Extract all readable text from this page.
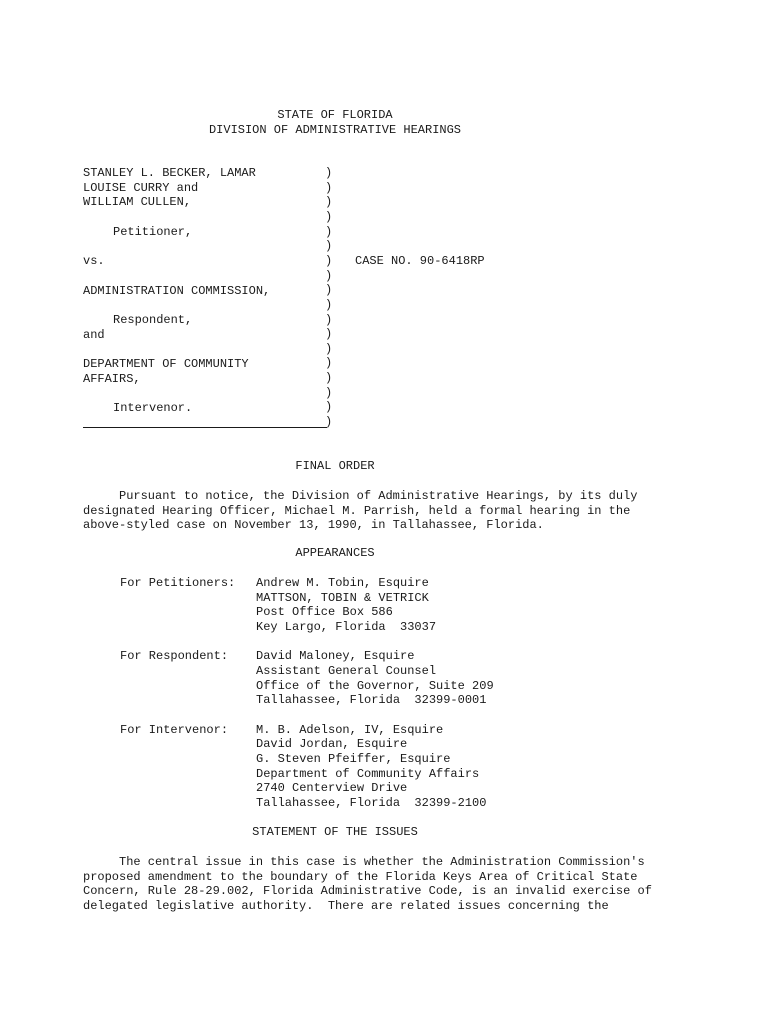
STATE OF FLORIDA
DIVISION OF ADMINISTRATIVE HEARINGS
STANLEY L. BECKER, LAMAR
LOUISE CURRY and
WILLIAM CULLEN,
Petitioner,
vs.
ADMINISTRATION COMMISSION,
Respondent,
and
DEPARTMENT OF COMMUNITY
AFFAIRS,
Intervenor.
)
)
)
)
)
)
)
)
)
)
)
)
)
)
)
)
)
)
CASE NO. 90-6418RP
FINAL ORDER
Pursuant to notice, the Division of Administrative Hearings, by its duly
designated Hearing Officer, Michael M. Parrish, held a formal hearing in the
above-styled case on November 13, 1990, in Tallahassee, Florida.
APPEARANCES
For Petitioners: Andrew M. Tobin, Esquire
MATTSON, TOBIN & VETRICK
Post Office Box 586
Key Largo, Florida  33037
For Respondent: David Maloney, Esquire
Assistant General Counsel
Office of the Governor, Suite 209
Tallahassee, Florida  32399-0001
For Intervenor: M. B. Adelson, IV, Esquire
David Jordan, Esquire
G. Steven Pfeiffer, Esquire
Department of Community Affairs
2740 Centerview Drive
Tallahassee, Florida  32399-2100
STATEMENT OF THE ISSUES
The central issue in this case is whether the Administration Commission's
proposed amendment to the boundary of the Florida Keys Area of Critical State
Concern, Rule 28-29.002, Florida Administrative Code, is an invalid exercise of
delegated legislative authority.  There are related issues concerning the
